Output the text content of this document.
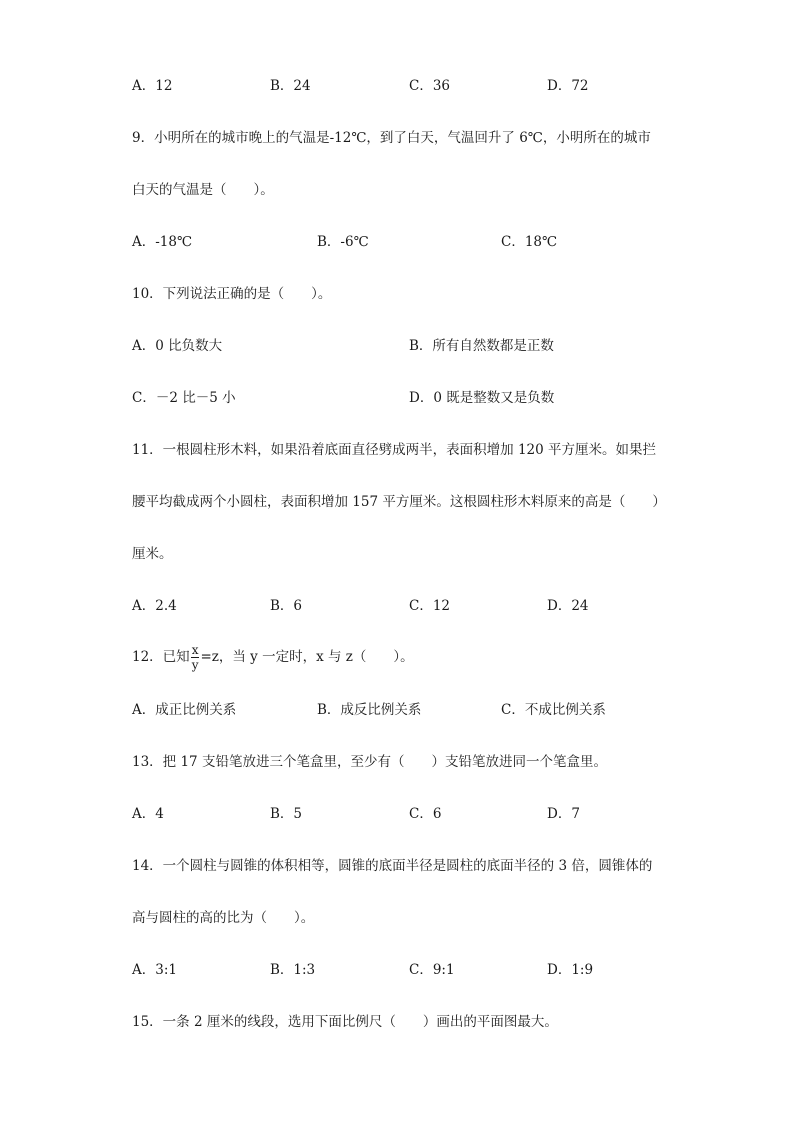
A．12	B．24	C．36	D．72
9．小明所在的城市晚上的气温是-12℃，到了白天，气温回升了 6℃，小明所在的城市
白天的气温是（　　）。
A．-18℃	B．-6℃	C．18℃
10．下列说法正确的是（　　）。
A．0 比负数大	B．所有自然数都是正数
C．－2 比－5 小	D．0 既是整数又是负数
11．一根圆柱形木料，如果沿着底面直径劈成两半，表面积增加 120 平方厘米。如果拦
腰平均截成两个小圆柱，表面积增加 157 平方厘米。这根圆柱形木料原来的高是（　　）
厘米。
A．2.4	B．6	C．12	D．24
12．已知 $\frac{x}{y} =z$，当 y 一定时，x 与 z（　　）。
A．成正比例关系	B．成反比例关系	C．不成比例关系
13．把 17 支铅笔放进三个笔盒里，至少有（　　）支铅笔放进同一个笔盒里。
A．4	B．5	C．6	D．7
14．一个圆柱与圆锥的体积相等，圆锥的底面半径是圆柱的底面半径的 3 倍，圆锥体的
高与圆柱的高的比为（　　）。
A．3:1	B．1:3	C．9:1	D．1:9
15．一条 2 厘米的线段，选用下面比例尺（　　）画出的平面图最大。
